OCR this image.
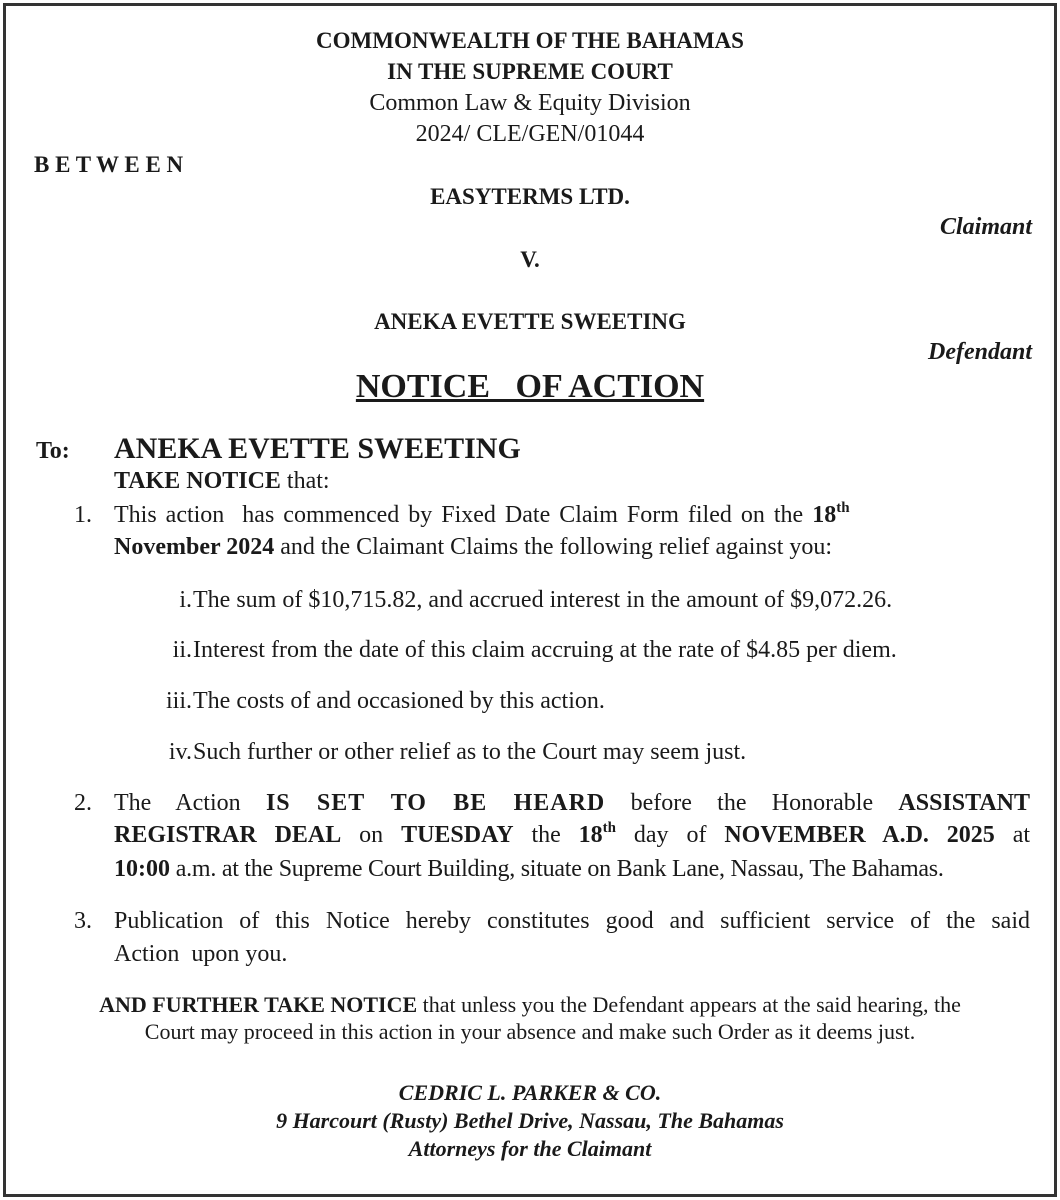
COMMONWEALTH OF THE BAHAMAS
IN THE SUPREME COURT
Common Law & Equity Division
2024/ CLE/GEN/01044
B E T W E E N
EASYTERMS LTD.
Claimant
V.
ANEKA EVETTE SWEETING
Defendant
NOTICE   OF ACTION
To: ANEKA EVETTE SWEETING
TAKE NOTICE that:
1. This action  has commenced by Fixed Date Claim Form filed on the 18th
November 2024 and the Claimant Claims the following relief against you:
i. The sum of $10,715.82, and accrued interest in the amount of $9,072.26.
ii. Interest from the date of this claim accruing at the rate of $4.85 per diem.
iii. The costs of and occasioned by this action.
iv. Such further or other relief as to the Court may seem just.
2. The Action IS SET TO BE HEARD before the Honorable ASSISTANT
REGISTRAR DEAL on TUESDAY the 18th day of NOVEMBER A.D. 2025 at
10:00 a.m. at the Supreme Court Building, situate on Bank Lane, Nassau, The Bahamas.
3. Publication of this Notice hereby constitutes good and sufficient service of the said
Action  upon you.
AND FURTHER TAKE NOTICE that unless you the Defendant appears at the said hearing, the
Court may proceed in this action in your absence and make such Order as it deems just.
CEDRIC L. PARKER & CO.
9 Harcourt (Rusty) Bethel Drive, Nassau, The Bahamas
Attorneys for the Claimant
